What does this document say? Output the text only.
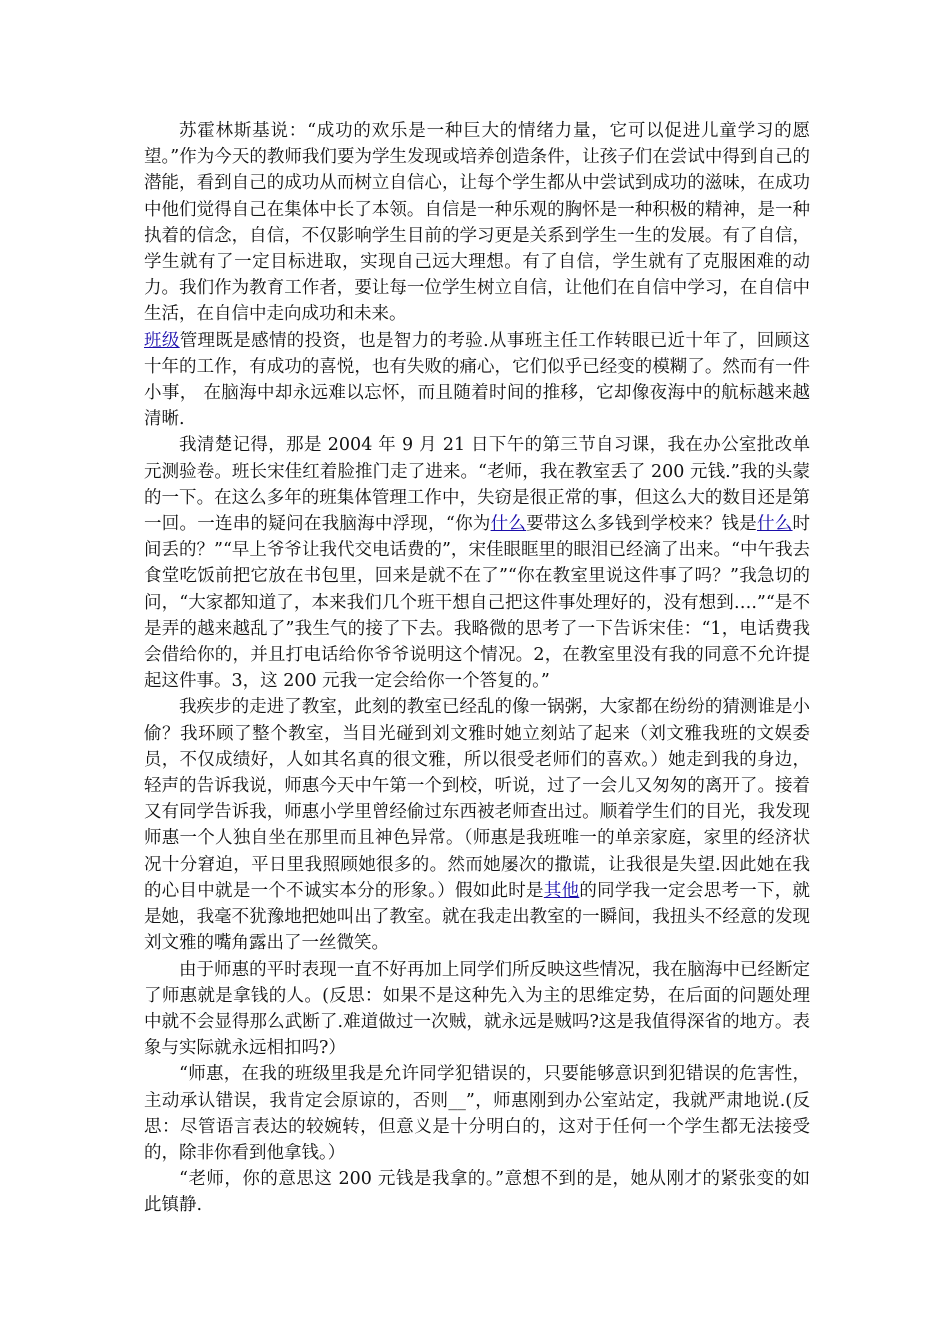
苏霍林斯基说：“成功的欢乐是一种巨大的情绪力量，它可以促进儿童学习的愿望。”作为今天的教师我们要为学生发现或培养创造条件，让孩子们在尝试中得到自己的潜能，看到自己的成功从而树立自信心，让每个学生都从中尝试到成功的滋味，在成功中他们觉得自己在集体中长了本领。自信是一种乐观的胸怀是一种积极的精神，是一种执着的信念，自信，不仅影响学生目前的学习更是关系到学生一生的发展。有了自信，学生就有了一定目标进取，实现自己远大理想。有了自信，学生就有了克服困难的动力。我们作为教育工作者，要让每一位学生树立自信，让他们在自信中学习，在自信中生活，在自信中走向成功和未来。

班级管理既是感情的投资，也是智力的考验.从事班主任工作转眼已近十年了，回顾这十年的工作，有成功的喜悦，也有失败的痛心，它们似乎已经变的模糊了。然而有一件小事， 在脑海中却永远难以忘怀，而且随着时间的推移，它却像夜海中的航标越来越清晰.

我清楚记得，那是 2004 年 9 月 21 日下午的第三节自习课，我在办公室批改单元测验卷。班长宋佳红着脸推门走了进来。“老师，我在教室丢了 200 元钱.”我的头蒙的一下。在这么多年的班集体管理工作中，失窃是很正常的事，但这么大的数目还是第一回。一连串的疑问在我脑海中浮现，“你为什么要带这么多钱到学校来？钱是什么时间丢的？”“早上爷爷让我代交电话费的”，宋佳眼眶里的眼泪已经滴了出来。“中午我去食堂吃饭前把它放在书包里，回来是就不在了”“你在教室里说这件事了吗？”我急切的问，“大家都知道了，本来我们几个班干想自己把这件事处理好的，没有想到….”“是不是弄的越来越乱了”我生气的接了下去。我略微的思考了一下告诉宋佳：“1，电话费我会借给你的，并且打电话给你爷爷说明这个情况。2，在教室里没有我的同意不允许提起这件事。3，这 200 元我一定会给你一个答复的。”

我疾步的走进了教室，此刻的教室已经乱的像一锅粥，大家都在纷纷的猜测谁是小偷？我环顾了整个教室，当目光碰到刘文雅时她立刻站了起来（刘文雅我班的文娱委员，不仅成绩好，人如其名真的很文雅，所以很受老师们的喜欢。）她走到我的身边，轻声的告诉我说，师惠今天中午第一个到校，听说，过了一会儿又匆匆的离开了。接着又有同学告诉我，师惠小学里曾经偷过东西被老师查出过。顺着学生们的目光，我发现师惠一个人独自坐在那里而且神色异常。（师惠是我班唯一的单亲家庭，家里的经济状况十分窘迫，平日里我照顾她很多的。然而她屡次的撒谎，让我很是失望.因此她在我的心目中就是一个不诚实本分的形象。）假如此时是其他的同学我一定会思考一下，就是她，我毫不犹豫地把她叫出了教室。就在我走出教室的一瞬间，我扭头不经意的发现刘文雅的嘴角露出了一丝微笑。

由于师惠的平时表现一直不好再加上同学们所反映这些情况，我在脑海中已经断定了师惠就是拿钱的人。(反思：如果不是这种先入为主的思维定势，在后面的问题处理中就不会显得那么武断了.难道做过一次贼，就永远是贼吗?这是我值得深省的地方。表象与实际就永远相扣吗?）

“师惠，在我的班级里我是允许同学犯错误的，只要能够意识到犯错误的危害性，主动承认错误，我肯定会原谅的，否则__”，师惠刚到办公室站定，我就严肃地说.(反思：尽管语言表达的较婉转，但意义是十分明白的，这对于任何一个学生都无法接受的，除非你看到他拿钱。）

“老师，你的意思这 200 元钱是我拿的。”意想不到的是，她从刚才的紧张变的如此镇静.
